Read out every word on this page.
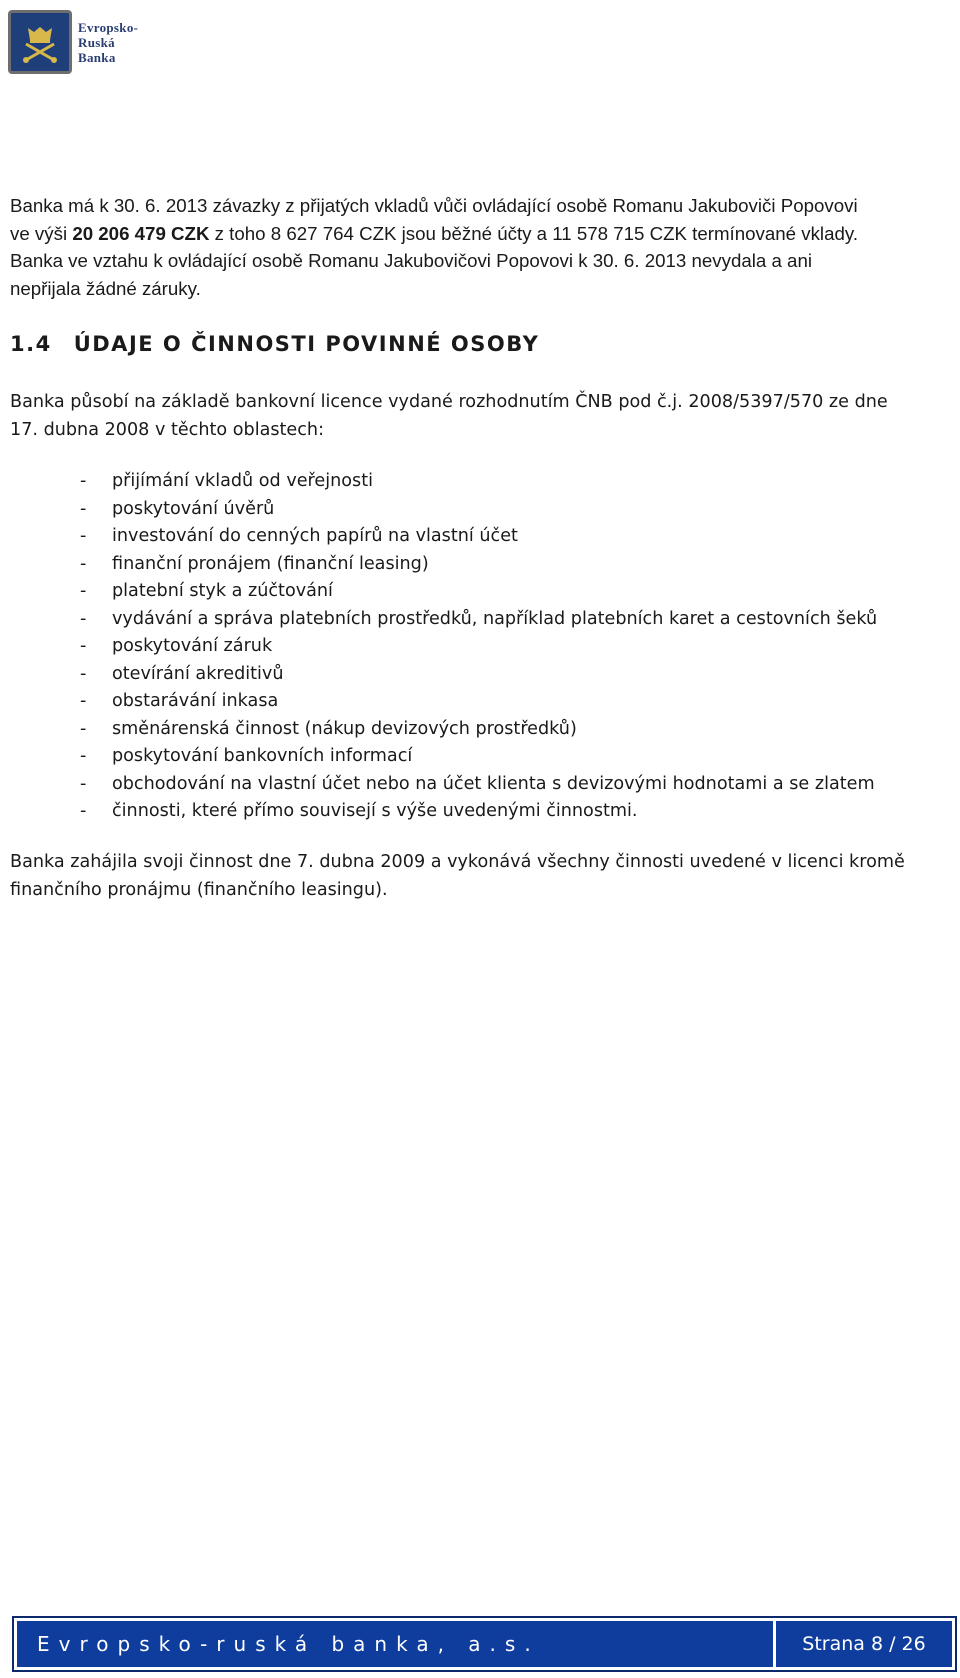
Evropsko-
Ruská
Banka

Banka má k 30. 6. 2013 závazky z přijatých vkladů vůči ovládající osobě Romanu Jakuboviči Popovovi
ve výši 20 206 479 CZK z toho 8 627 764 CZK jsou běžné účty a 11 578 715 CZK termínované vklady.
Banka ve vztahu k ovládající osobě Romanu Jakubovičovi Popovovi k 30. 6. 2013 nevydala a ani
nepřijala žádné záruky.

1.4 ÚDAJE O ČINNOSTI POVINNÉ OSOBY

Banka působí na základě bankovní licence vydané rozhodnutím ČNB pod č.j. 2008/5397/570 ze dne
17. dubna 2008 v těchto oblastech:

-	přijímání vkladů od veřejnosti
-	poskytování úvěrů
-	investování do cenných papírů na vlastní účet
-	finanční pronájem (finanční leasing)
-	platební styk a zúčtování
-	vydávání a správa platebních prostředků, například platebních karet a cestovních šeků
-	poskytování záruk
-	otevírání akreditivů
-	obstarávání inkasa
-	směnárenská činnost (nákup devizových prostředků)
-	poskytování bankovních informací
-	obchodování na vlastní účet nebo na účet klienta s devizovými hodnotami a se zlatem
-	činnosti, které přímo souvisejí s výše uvedenými činnostmi.

Banka zahájila svoji činnost dne 7. dubna 2009 a vykonává všechny činnosti uvedené v licenci kromě
finančního pronájmu (finančního leasingu).

Evropsko-ruská banka, a.s.	Strana 8 / 26
